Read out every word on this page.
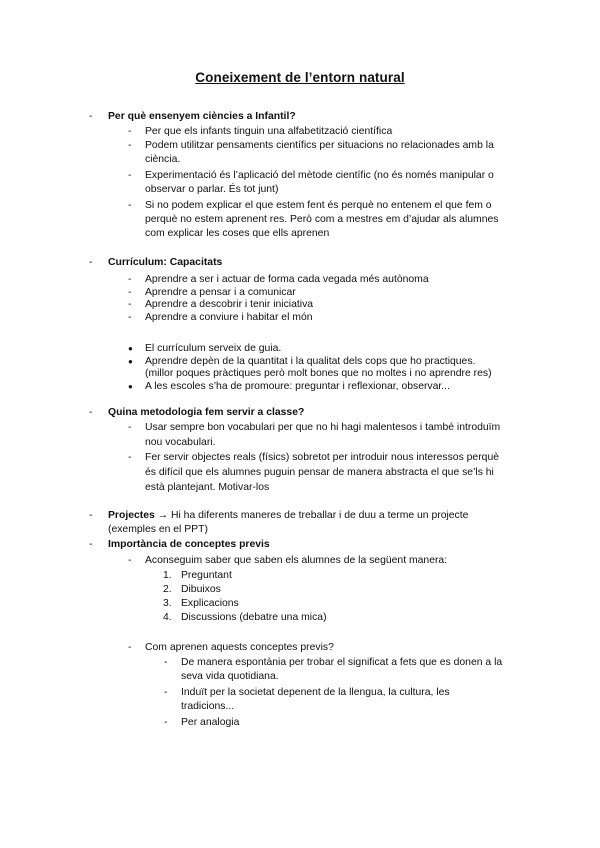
Coneixement de l’entorn natural
- Per què ensenyem ciències a Infantil?
- Per que els infants tinguin una alfabetització científica
- Podem utilitzar pensaments científics per situacions no relacionades amb la
ciència.
- Experimentació és l’aplicació del mètode científic (no és només manipular o
observar o parlar. És tot junt)
- Si no podem explicar el que estem fent és perquè no entenem el que fem o
perquè no estem aprenent res. Però com a mestres em d’ajudar als alumnes
com explicar les coses que ells aprenen
- Currículum: Capacitats
- Aprendre a ser i actuar de forma cada vegada més autònoma
- Aprendre a pensar i a comunicar
- Aprendre a descobrir i tenir iniciativa
- Aprendre a conviure i habitar el món
● El currículum serveix de guia.
● Aprendre depèn de la quantitat i la qualitat dels cops que ho practiques.
(millor poques pràctiques però molt bones que no moltes i no aprendre res)
● A les escoles s’ha de promoure: preguntar i reflexionar, observar...
- Quina metodologia fem servir a classe?
- Usar sempre bon vocabulari per que no hi hagi malentesos i també introduïm
nou vocabulari.
- Fer servir objectes reals (físics) sobretot per introduir nous interessos perquè
és difícil que els alumnes puguin pensar de manera abstracta el que se’ls hi
està plantejant. Motivar-los
- Projectes → Hi ha diferents maneres de treballar i de duu a terme un projecte
(exemples en el PPT)
- Importància de conceptes previs
- Aconseguim saber que saben els alumnes de la següent manera:
1. Preguntant
2. Dibuixos
3. Explicacions
4. Discussions (debatre una mica)
- Com aprenen aquests conceptes previs?
- De manera espontània per trobar el significat a fets que es donen a la
seva vida quotidiana.
- Induït per la societat depenent de la llengua, la cultura, les
tradicions...
- Per analogia
